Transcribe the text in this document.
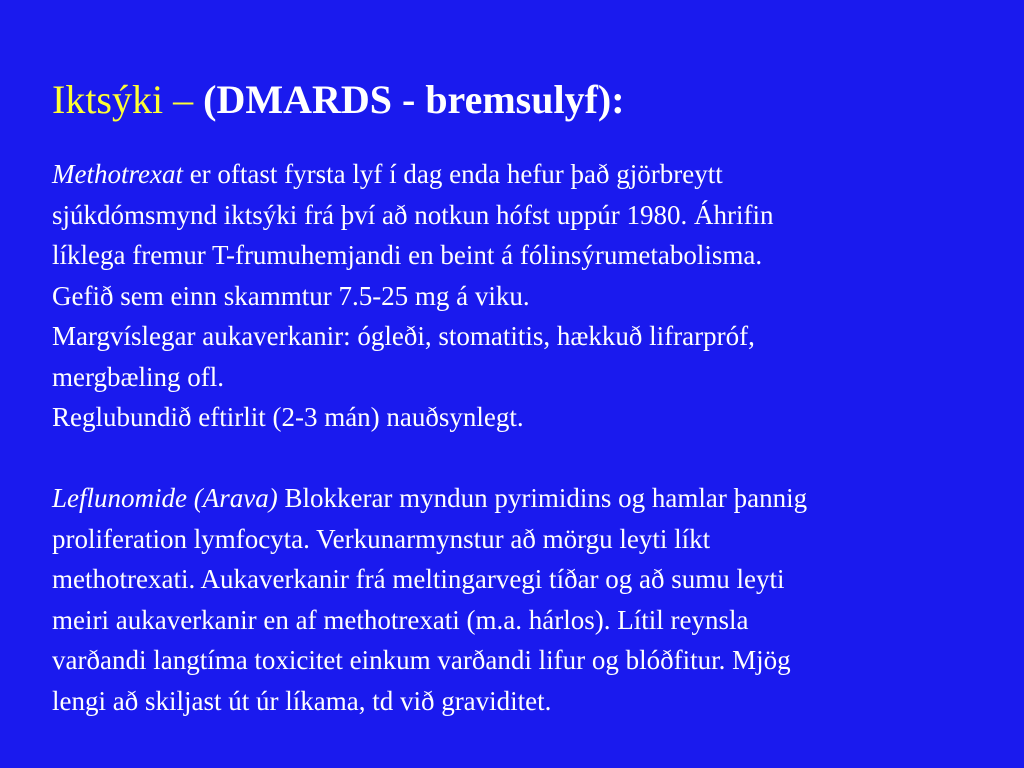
Iktsýki – (DMARDS - bremsulyf):
Methotrexat er oftast fyrsta lyf í dag enda hefur það gjörbreytt
sjúkdómsmynd iktsýki frá því að notkun hófst uppúr 1980. Áhrifin
líklega fremur T-frumuhemjandi en beint á fólinsýrumetabolisma.
Gefið sem einn skammtur 7.5-25 mg á viku.
Margvíslegar aukaverkanir: ógleði, stomatitis, hækkuð lifrarpróf,
mergbæling ofl.
Reglubundið eftirlit (2-3 mán) nauðsynlegt.
Leflunomide (Arava) Blokkerar myndun pyrimidins og hamlar þannig
proliferation lymfocyta. Verkunarmynstur að mörgu leyti líkt
methotrexati. Aukaverkanir frá meltingarvegi tíðar og að sumu leyti
meiri aukaverkanir en af methotrexati (m.a. hárlos). Lítil reynsla
varðandi langtíma toxicitet einkum varðandi lifur og blóðfitur. Mjög
lengi að skiljast út úr líkama, td við graviditet.
